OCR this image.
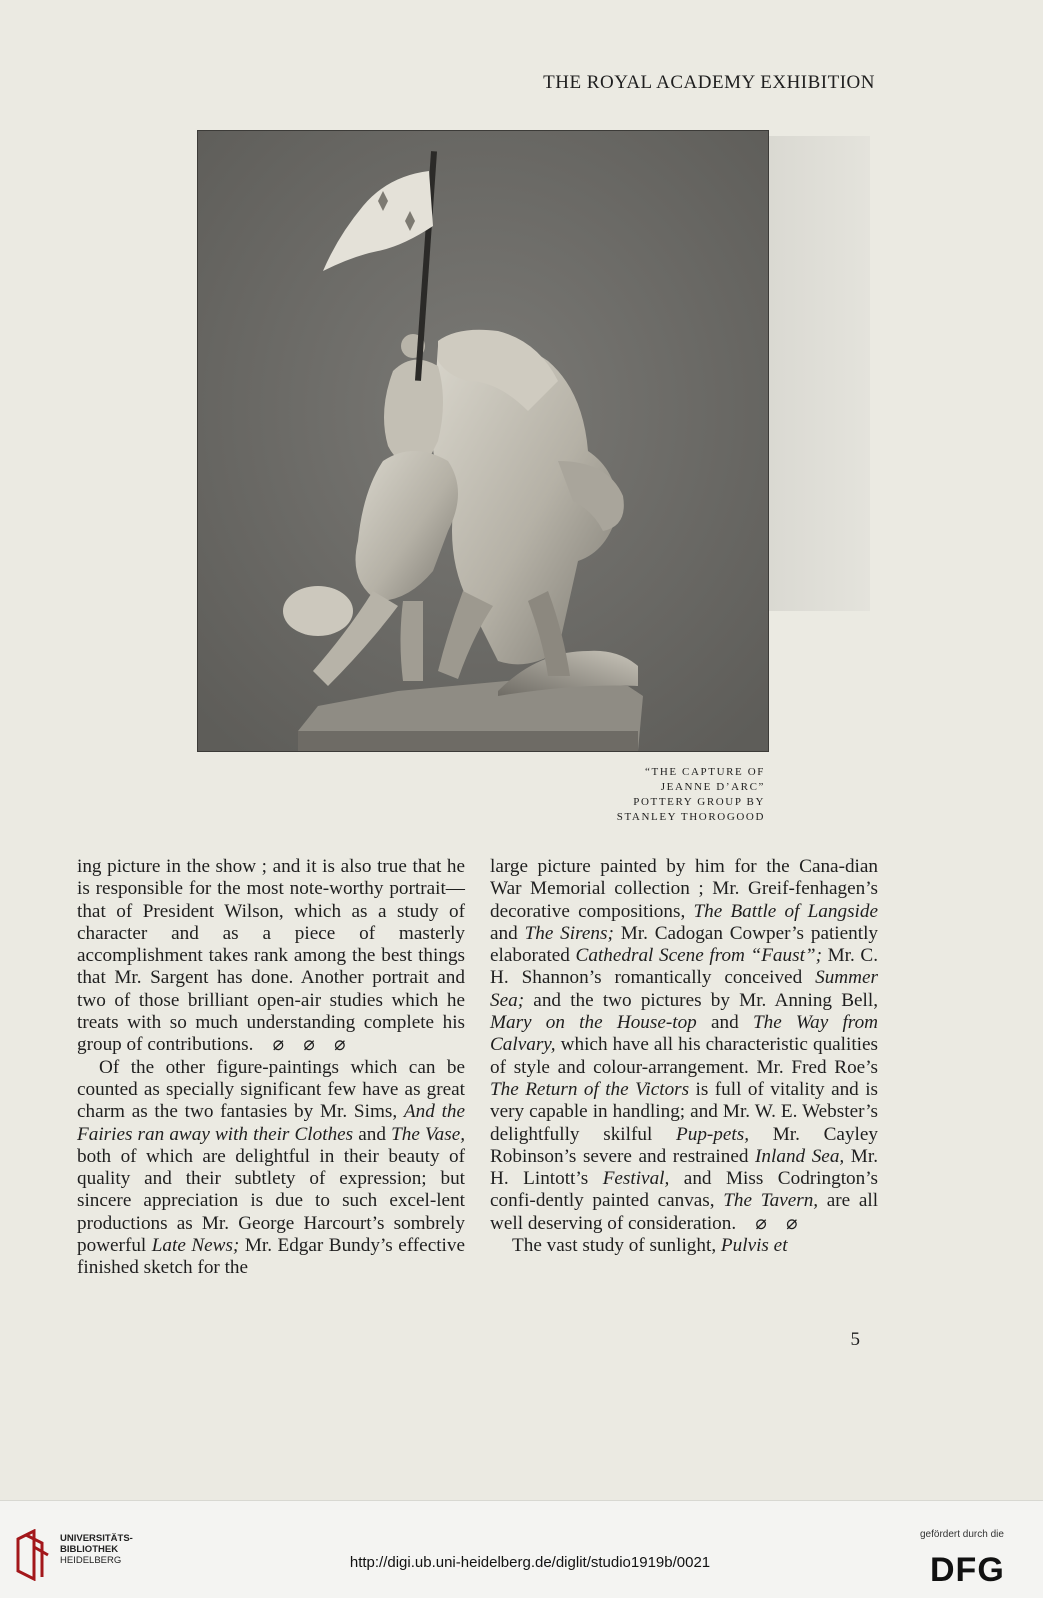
THE ROYAL ACADEMY EXHIBITION
“THE CAPTURE OF
JEANNE D’ARC”
POTTERY GROUP BY
STANLEY THOROGOOD

ing picture in the show ; and it is also true that he is responsible for the most note-worthy portrait—that of President Wilson, which as a study of character and as a piece of masterly accomplishment takes rank among the best things that Mr. Sargent has done. Another portrait and two of those brilliant open-air studies which he treats with so much understanding complete his group of contributions.    ⌀    ⌀    ⌀

Of the other figure-paintings which can be counted as specially significant few have as great charm as the two fantasies by Mr. Sims, And the Fairies ran away with their Clothes and The Vase, both of which are delightful in their beauty of quality and their subtlety of expression; but sincere appreciation is due to such excel-lent productions as Mr. George Harcourt’s sombrely powerful Late News; Mr. Edgar Bundy’s effective finished sketch for the

large picture painted by him for the Cana-dian War Memorial collection ; Mr. Greif-fenhagen’s decorative compositions, The Battle of Langside and The Sirens; Mr. Cadogan Cowper’s patiently elaborated Cathedral Scene from “Faust”; Mr. C. H. Shannon’s romantically conceived Summer Sea; and the two pictures by Mr. Anning Bell, Mary on the House-top and The Way from Calvary, which have all his characteristic qualities of style and colour-arrangement. Mr. Fred Roe’s The Return of the Victors is full of vitality and is very capable in handling; and Mr. W. E. Webster’s delightfully skilful Pup-pets, Mr. Cayley Robinson’s severe and restrained Inland Sea, Mr. H. Lintott’s Festival, and Miss Codrington’s confi-dently painted canvas, The Tavern, are all well deserving of consideration.    ⌀    ⌀

The vast study of sunlight, Pulvis et

5
UNIVERSITÄTS-
BIBLIOTHEK
HEIDELBERG	http://digi.ub.uni-heidelberg.de/diglit/studio1919b/0021
gefördert durch die
DFG
